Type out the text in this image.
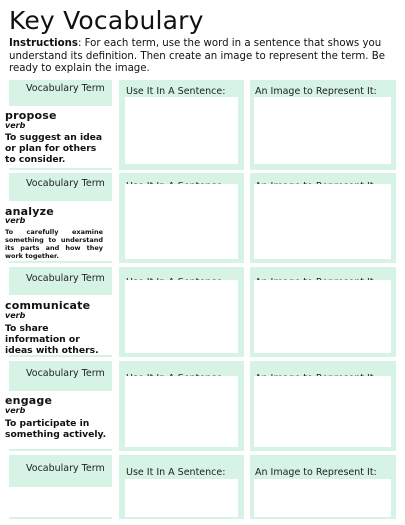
Key Vocabulary
Instructions: For each term, use the word in a sentence that shows you understand its definition. Then create an image to represent the term. Be ready to explain the image.
Vocabulary Term
propose
verb
To suggest an idea or plan for others to consider.
Use It In A Sentence:	An Image to Represent It:
Vocabulary Term
analyze
verb
To carefully examine something to understand its parts and how they work together.
Vocabulary Term
communicate
verb
To share information or ideas with others.
Vocabulary Term
engage
verb
To participate in something actively.
Vocabulary Term Use It In A Sentence:	An Image to Represent It:
